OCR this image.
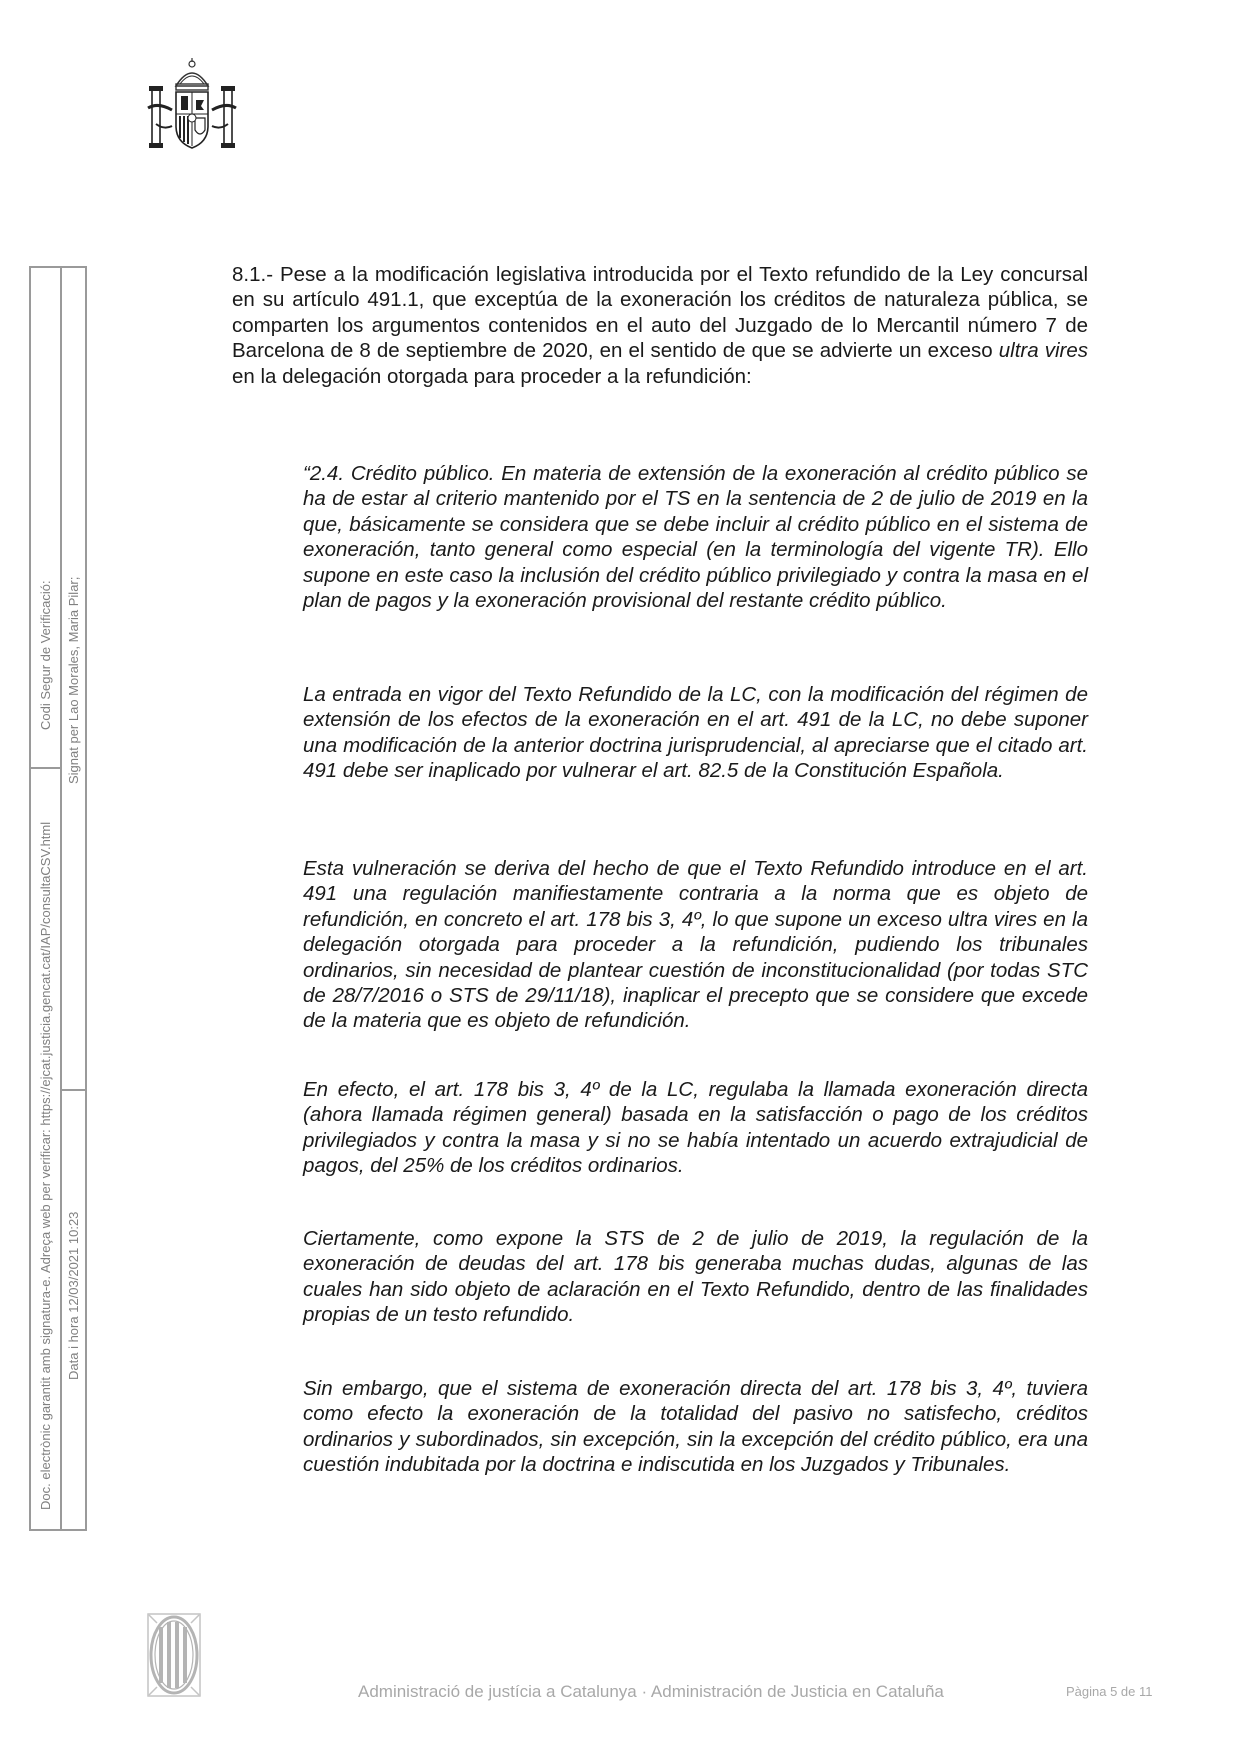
Doc. electrònic garantit amb signatura-e. Adreça web per verificar: https://ejcat.justicia.gencat.cat/IAP/consultaCSV.html
Codi Segur de Verificació:
Data i hora 12/03/2021 10:23
Signat per Lao Morales, Maria Pilar;

8.1.- Pese a la modificación legislativa introducida por el Texto refundido de la Ley concursal en su artículo 491.1, que exceptúa de la exoneración los créditos de naturaleza pública, se comparten los argumentos contenidos en el auto del Juzgado de lo Mercantil número 7 de Barcelona de 8 de septiembre de 2020, en el sentido de que se advierte un exceso ultra vires en la delegación otorgada para proceder a la refundición:

“2.4. Crédito público. En materia de extensión de la exoneración al crédito público se ha de estar al criterio mantenido por el TS en la sentencia de 2 de julio de 2019 en la que, básicamente se considera que se debe incluir al crédito público en el sistema de exoneración, tanto general como especial (en la terminología del vigente TR). Ello supone en este caso la inclusión del crédito público privilegiado y contra la masa en el plan de pagos y la exoneración provisional del restante crédito público.

La entrada en vigor del Texto Refundido de la LC, con la modificación del régimen de extensión de los efectos de la exoneración en el art. 491 de la LC, no debe suponer una modificación de la anterior doctrina jurisprudencial, al apreciarse que el citado art. 491 debe ser inaplicado por vulnerar el art. 82.5 de la Constitución Española.

Esta vulneración se deriva del hecho de que el Texto Refundido introduce en el art. 491 una regulación manifiestamente contraria a la norma que es objeto de refundición, en concreto el art. 178 bis 3, 4º, lo que supone un exceso ultra vires en la delegación otorgada para proceder a la refundición, pudiendo los tribunales ordinarios, sin necesidad de plantear cuestión de inconstitucionalidad (por todas STC de 28/7/2016 o STS de 29/11/18), inaplicar el precepto que se considere que excede de la materia que es objeto de refundición.

En efecto, el art. 178 bis 3, 4º de la LC, regulaba la llamada exoneración directa (ahora llamada régimen general) basada en la satisfacción o pago de los créditos privilegiados y contra la masa y si no se había intentado un acuerdo extrajudicial de pagos, del 25% de los créditos ordinarios.

Ciertamente, como expone la STS de 2 de julio de 2019, la regulación de la exoneración de deudas del art. 178 bis generaba muchas dudas, algunas de las cuales han sido objeto de aclaración en el Texto Refundido, dentro de las finalidades propias de un testo refundido.

Sin embargo, que el sistema de exoneración directa del art. 178 bis 3, 4º, tuviera como efecto la exoneración de la totalidad del pasivo no satisfecho, créditos ordinarios y subordinados, sin excepción, sin la excepción del crédito público, era una cuestión indubitada por la doctrina e indiscutida en los Juzgados y Tribunales.

Administració de justícia a Catalunya · Administración de Justicia en Cataluña	Pàgina 5 de 11
